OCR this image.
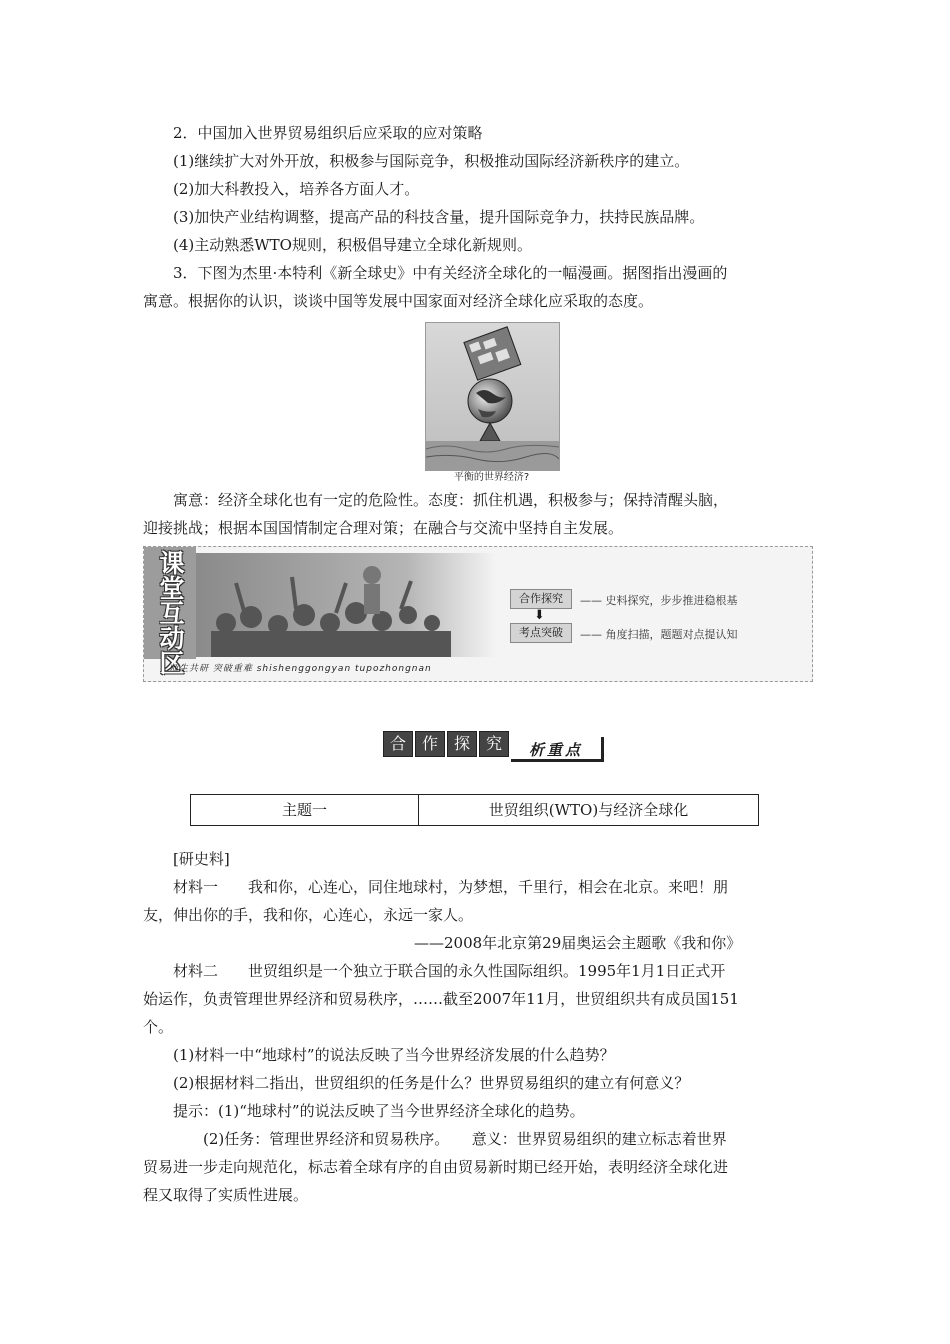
2．中国加入世界贸易组织后应采取的应对策略
(1)继续扩大对外开放，积极参与国际竞争，积极推动国际经济新秩序的建立。
(2)加大科教投入，培养各方面人才。
(3)加快产业结构调整，提高产品的科技含量，提升国际竞争力，扶持民族品牌。
(4)主动熟悉WTO规则，积极倡导建立全球化新规则。
3．下图为杰里·本特利《新全球史》中有关经济全球化的一幅漫画。据图指出漫画的
寓意。根据你的认识，谈谈中国等发展中国家面对经济全球化应采取的态度。
平衡的世界经济?
寓意：经济全球化也有一定的危险性。态度：抓住机遇，积极参与；保持清醒头脑，
迎接挑战；根据本国国情制定合理对策；在融合与交流中坚持自主发展。
课
堂
互
动
区
师生共研 突破重难 shishenggongyan tupozhongnan
合作探究	—— 史料探究，步步推进稳根基
⬇
考点突破	—— 角度扫描，题题对点提认知
合 作 探 究	析重点
主题一	世贸组织(WTO)与经济全球化
[研史料]
材料一　　我和你，心连心，同住地球村，为梦想，千里行，相会在北京。来吧！朋
友，伸出你的手，我和你，心连心，永远一家人。
——2008年北京第29届奥运会主题歌《我和你》
材料二　　世贸组织是一个独立于联合国的永久性国际组织。1995年1月1日正式开
始运作，负责管理世界经济和贸易秩序，……截至2007年11月，世贸组织共有成员国151
个。
(1)材料一中“地球村”的说法反映了当今世界经济发展的什么趋势？
(2)根据材料二指出，世贸组织的任务是什么？世界贸易组织的建立有何意义？
提示：(1)“地球村”的说法反映了当今世界经济全球化的趋势。
(2)任务：管理世界经济和贸易秩序。　　意义：世界贸易组织的建立标志着世界
贸易进一步走向规范化，标志着全球有序的自由贸易新时期已经开始，表明经济全球化进
程又取得了实质性进展。
